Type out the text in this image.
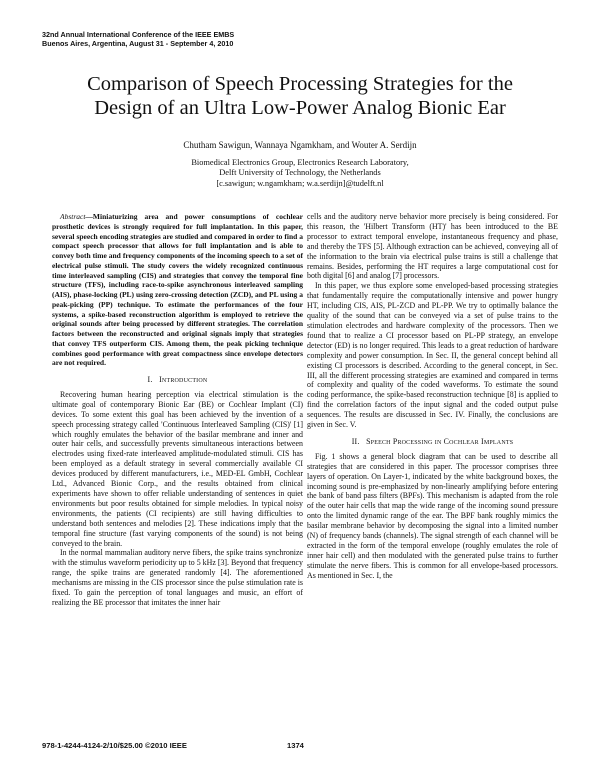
32nd Annual International Conference of the IEEE EMBS
Buenos Aires, Argentina, August 31 - September 4, 2010
Comparison of Speech Processing Strategies for the
Design of an Ultra Low-Power Analog Bionic Ear
Chutham Sawigun, Wannaya Ngamkham, and Wouter A. Serdijn
Biomedical Electronics Group, Electronics Research Laboratory,
Delft University of Technology, the Netherlands
[c.sawigun; w.ngamkham; w.a.serdijn]@tudelft.nl

Abstract—Miniaturizing area and power consumptions of cochlear prosthetic devices is strongly required for full implantation. In this paper, several speech encoding strategies are studied and compared in order to find a compact speech processor that allows for full implantation and is able to convey both time and frequency components of the incoming speech to a set of electrical pulse stimuli. The study covers the widely recognized continuous time interleaved sampling (CIS) and strategies that convey the temporal fine structure (TFS), including race-to-spike asynchronous interleaved sampling (AIS), phase-locking (PL) using zero-crossing detection (ZCD), and PL using a peak-picking (PP) technique. To estimate the performances of the four systems, a spike-based reconstruction algorithm is employed to retrieve the original sounds after being processed by different strategies. The correlation factors between the reconstructed and original signals imply that strategies that convey TFS outperform CIS. Among them, the peak picking technique combines good performance with great compactness since envelope detectors are not required.

I. Introduction

Recovering human hearing perception via electrical stimulation is the ultimate goal of contemporary Bionic Ear (BE) or Cochlear Implant (CI) devices. To some extent this goal has been achieved by the invention of a speech processing strategy called 'Continuous Interleaved Sampling (CIS)' [1] which roughly emulates the behavior of the basilar membrane and inner and outer hair cells, and successfully prevents simultaneous interactions between electrodes using fixed-rate interleaved amplitude-modulated stimuli. CIS has been employed as a default strategy in several commercially available CI devices produced by different manufacturers, i.e., MED-EL GmbH, Cochlear Ltd., Advanced Bionic Corp., and the results obtained from clinical experiments have shown to offer reliable understanding of sentences in quiet environments but poor results obtained for simple melodies. In typical noisy environments, the patients (CI recipients) are still having difficulties to understand both sentences and melodies [2]. These indications imply that the temporal fine structure (fast varying components of the sound) is not being conveyed to the brain.

In the normal mammalian auditory nerve fibers, the spike trains synchronize with the stimulus waveform periodicity up to 5 kHz [3]. Beyond that frequency range, the spike trains are generated randomly [4]. The aforementioned mechanisms are missing in the CIS processor since the pulse stimulation rate is fixed. To gain the perception of tonal languages and music, an effort of realizing the BE processor that imitates the inner hair

cells and the auditory nerve behavior more precisely is being considered. For this reason, the 'Hilbert Transform (HT)' has been introduced to the BE processor to extract temporal envelope, instantaneous frequency and phase, and thereby the TFS [5]. Although extraction can be achieved, conveying all of the information to the brain via electrical pulse trains is still a challenge that remains. Besides, performing the HT requires a large computational cost for both digital [6] and analog [7] processors.

In this paper, we thus explore some enveloped-based processing strategies that fundamentally require the computationally intensive and power hungry HT, including CIS, AIS, PL-ZCD and PL-PP. We try to optimally balance the quality of the sound that can be conveyed via a set of pulse trains to the stimulation electrodes and hardware complexity of the processors. Then we found that to realize a CI processor based on PL-PP strategy, an envelope detector (ED) is no longer required. This leads to a great reduction of hardware complexity and power consumption. In Sec. II, the general concept behind all existing CI processors is described. According to the general concept, in Sec. III, all the different processing strategies are examined and compared in terms of complexity and quality of the coded waveforms. To estimate the sound coding performance, the spike-based reconstruction technique [8] is applied to find the correlation factors of the input signal and the coded output pulse sequences. The results are discussed in Sec. IV. Finally, the conclusions are given in Sec. V.

II. Speech Processing in Cochlear Implants

Fig. 1 shows a general block diagram that can be used to describe all strategies that are considered in this paper. The processor comprises three layers of operation. On Layer-1, indicated by the white background boxes, the incoming sound is pre-emphasized by non-linearly amplifying before entering the bank of band pass filters (BPFs). This mechanism is adapted from the role of the outer hair cells that map the wide range of the incoming sound pressure onto the limited dynamic range of the ear. The BPF bank roughly mimics the basilar membrane behavior by decomposing the signal into a limited number (N) of frequency bands (channels). The signal strength of each channel will be extracted in the form of the temporal envelope (roughly emulates the role of inner hair cell) and then modulated with the generated pulse trains to further stimulate the nerve fibers. This is common for all envelope-based processors. As mentioned in Sec. I, the

978-1-4244-4124-2/10/$25.00 ©2010 IEEE	1374
